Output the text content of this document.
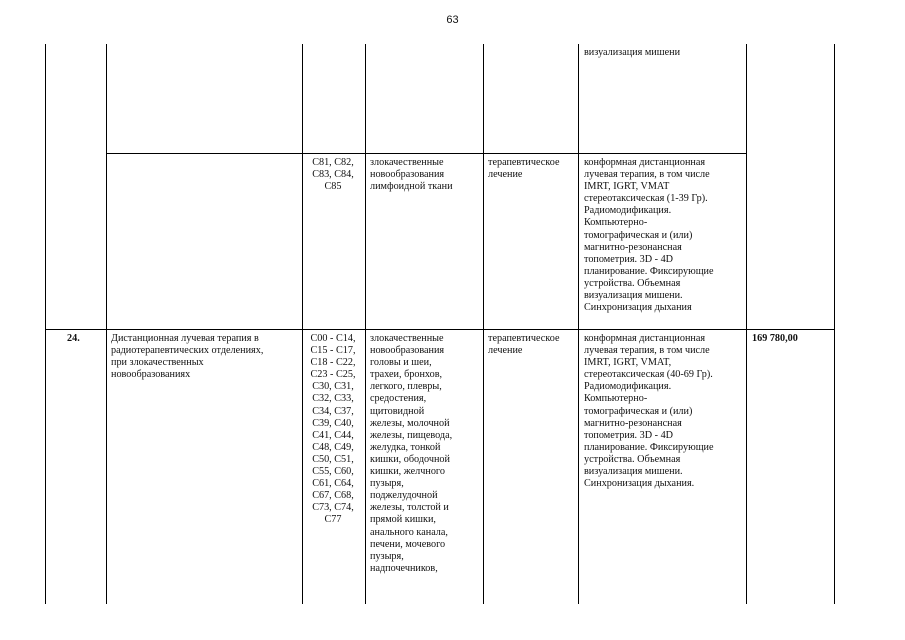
63
визуализация мишени
C81, C82,
C83, C84,
C85
злокачественные
новообразования
лимфоидной ткани
терапевтическое
лечение
конформная дистанционная
лучевая терапия, в том числе
IMRT, IGRT, VMAT
стереотаксическая (1-39 Гр).
Радиомодификация.
Компьютерно-
томографическая и (или)
магнитно-резонансная
топометрия. 3D - 4D
планирование. Фиксирующие
устройства. Объемная
визуализация мишени.
Синхронизация дыхания
24.	Дистанционная лучевая терапия в
радиотерапевтических отделениях,
при злокачественных
новообразованиях
C00 - C14,
C15 - C17,
C18 - C22,
C23 - C25,
C30, C31,
C32, C33,
C34, C37,
C39, C40,
C41, C44,
C48, C49,
C50, C51,
C55, C60,
C61, C64,
C67, C68,
C73, C74,
C77
злокачественные
новообразования
головы и шеи,
трахеи, бронхов,
легкого, плевры,
средостения,
щитовидной
железы, молочной
железы, пищевода,
желудка, тонкой
кишки, ободочной
кишки, желчного
пузыря,
поджелудочной
железы, толстой и
прямой кишки,
анального канала,
печени, мочевого
пузыря,
надпочечников,
терапевтическое
лечение
конформная дистанционная
лучевая терапия, в том числе
IMRT, IGRT, VMAT,
стереотаксическая (40-69 Гр).
Радиомодификация.
Компьютерно-
томографическая и (или)
магнитно-резонансная
топометрия. 3D - 4D
планирование. Фиксирующие
устройства. Объемная
визуализация мишени.
Синхронизация дыхания.
169 780,00
